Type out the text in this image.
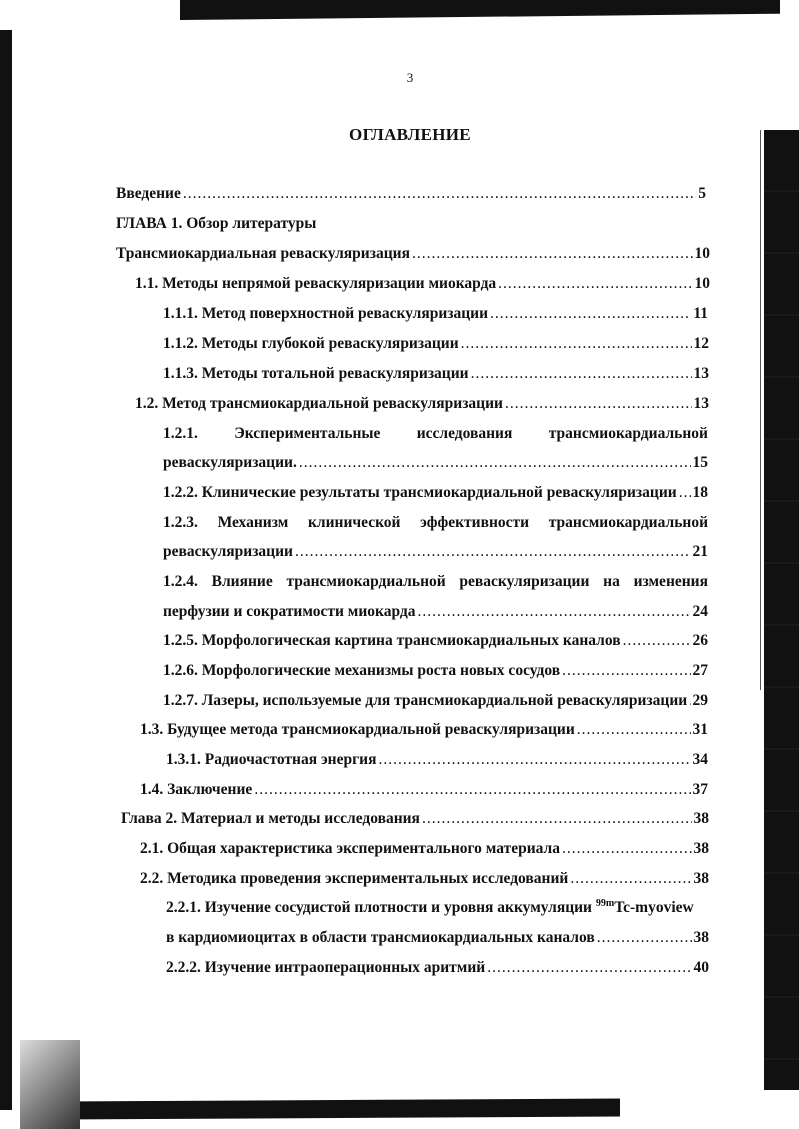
3
ОГЛАВЛЕНИЕ
Введение .....	5
ГЛАВА 1. Обзор литературы
Трансмиокардиальная реваскуляризация .....	10
1.1. Методы непрямой реваскуляризации миокарда .....	10
1.1.1. Метод поверхностной реваскуляризации .....	11
1.1.2. Методы глубокой реваскуляризации .....	12
1.1.3. Методы тотальной реваскуляризации .....	13
1.2. Метод трансмиокардиальной реваскуляризации .....	13
1.2.1. Экспериментальные исследования трансмиокардиальной
реваскуляризации. .....	15
1.2.2. Клинические результаты трансмиокардиальной реваскуляризации ..... 18
1.2.3. Механизм клинической эффективности трансмиокардиальной
реваскуляризации .....	21
1.2.4. Влияние трансмиокардиальной реваскуляризации на изменения
перфузии и сократимости миокарда .....	24
1.2.5. Морфологическая картина трансмиокардиальных каналов .....	26
1.2.6. Морфологические механизмы роста новых сосудов .....	27
1.2.7. Лазеры, используемые для трансмиокардиальной реваскуляризации ..... 29
1.3. Будущее метода трансмиокардиальной реваскуляризации .....	31
1.3.1. Радиочастотная энергия .....	34
1.4. Заключение .....	37
Глава 2. Материал и методы исследования .....	38
2.1. Общая характеристика экспериментального материала .....	38
2.2. Методика проведения экспериментальных исследований .....	38
2.2.1. Изучение сосудистой плотности и уровня аккумуляции $^{99m}$Tc-myoview
в кардиомиоцитах в области трансмиокардиальных каналов .....	38
2.2.2. Изучение интраоперационных аритмий .....	40
